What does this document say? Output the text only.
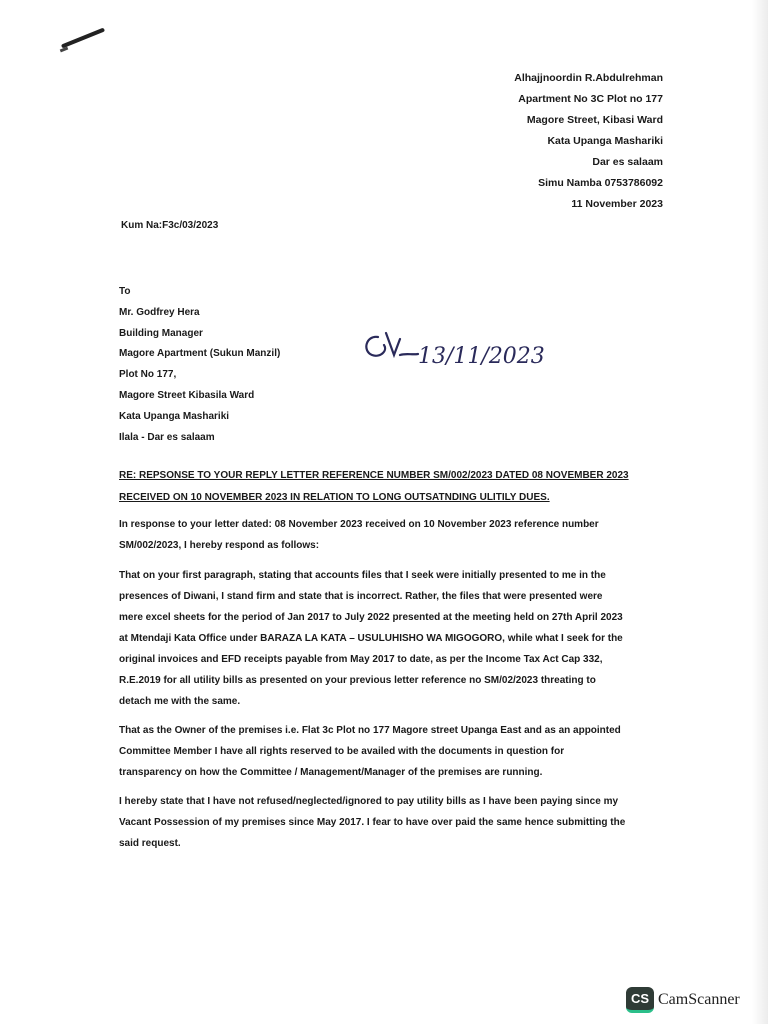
Alhajjnoordin R.Abdulrehman
Apartment No 3C Plot no 177
Magore Street, Kibasi Ward
Kata Upanga Mashariki
Dar es salaam
Simu Namba 0753786092
11 November 2023
Kum Na:F3c/03/2023
To
Mr. Godfrey Hera
Building Manager
Magore Apartment (Sukun Manzil)
Plot No 177,
Magore Street Kibasila Ward
Kata Upanga Mashariki
Ilala - Dar es salaam
13/11/2023
RE: REPSONSE TO YOUR REPLY LETTER REFERENCE NUMBER SM/002/2023 DATED 08 NOVEMBER 2023
RECEIVED ON 10 NOVEMBER 2023 IN RELATION TO LONG OUTSATNDING ULITILY DUES.
In response to your letter dated: 08 November 2023 received on 10 November 2023 reference number
SM/002/2023, I hereby respond as follows:
That on your first paragraph, stating that accounts files that I seek were initially presented to me in the
presences of Diwani, I stand firm and state that is incorrect. Rather, the files that were presented were
mere excel sheets for the period of Jan 2017 to July 2022 presented at the meeting held on 27th April 2023
at Mtendaji Kata Office under BARAZA LA KATA – USULUHISHO WA MIGOGORO, while what I seek for the
original invoices and EFD receipts payable from May 2017 to date, as per the Income Tax Act Cap 332,
R.E.2019 for all utility bills as presented on your previous letter reference no SM/02/2023 threating to
detach me with the same.
That as the Owner of the premises i.e. Flat 3c Plot no 177 Magore street Upanga East and as an appointed
Committee Member I have all rights reserved to be availed with the documents in question for
transparency on how the Committee / Management/Manager of the premises are running.
I hereby state that I have not refused/neglected/ignored to pay utility bills as I have been paying since my
Vacant Possession of my premises since May 2017. I fear to have over paid the same hence submitting the
said request.
CS CamScanner
